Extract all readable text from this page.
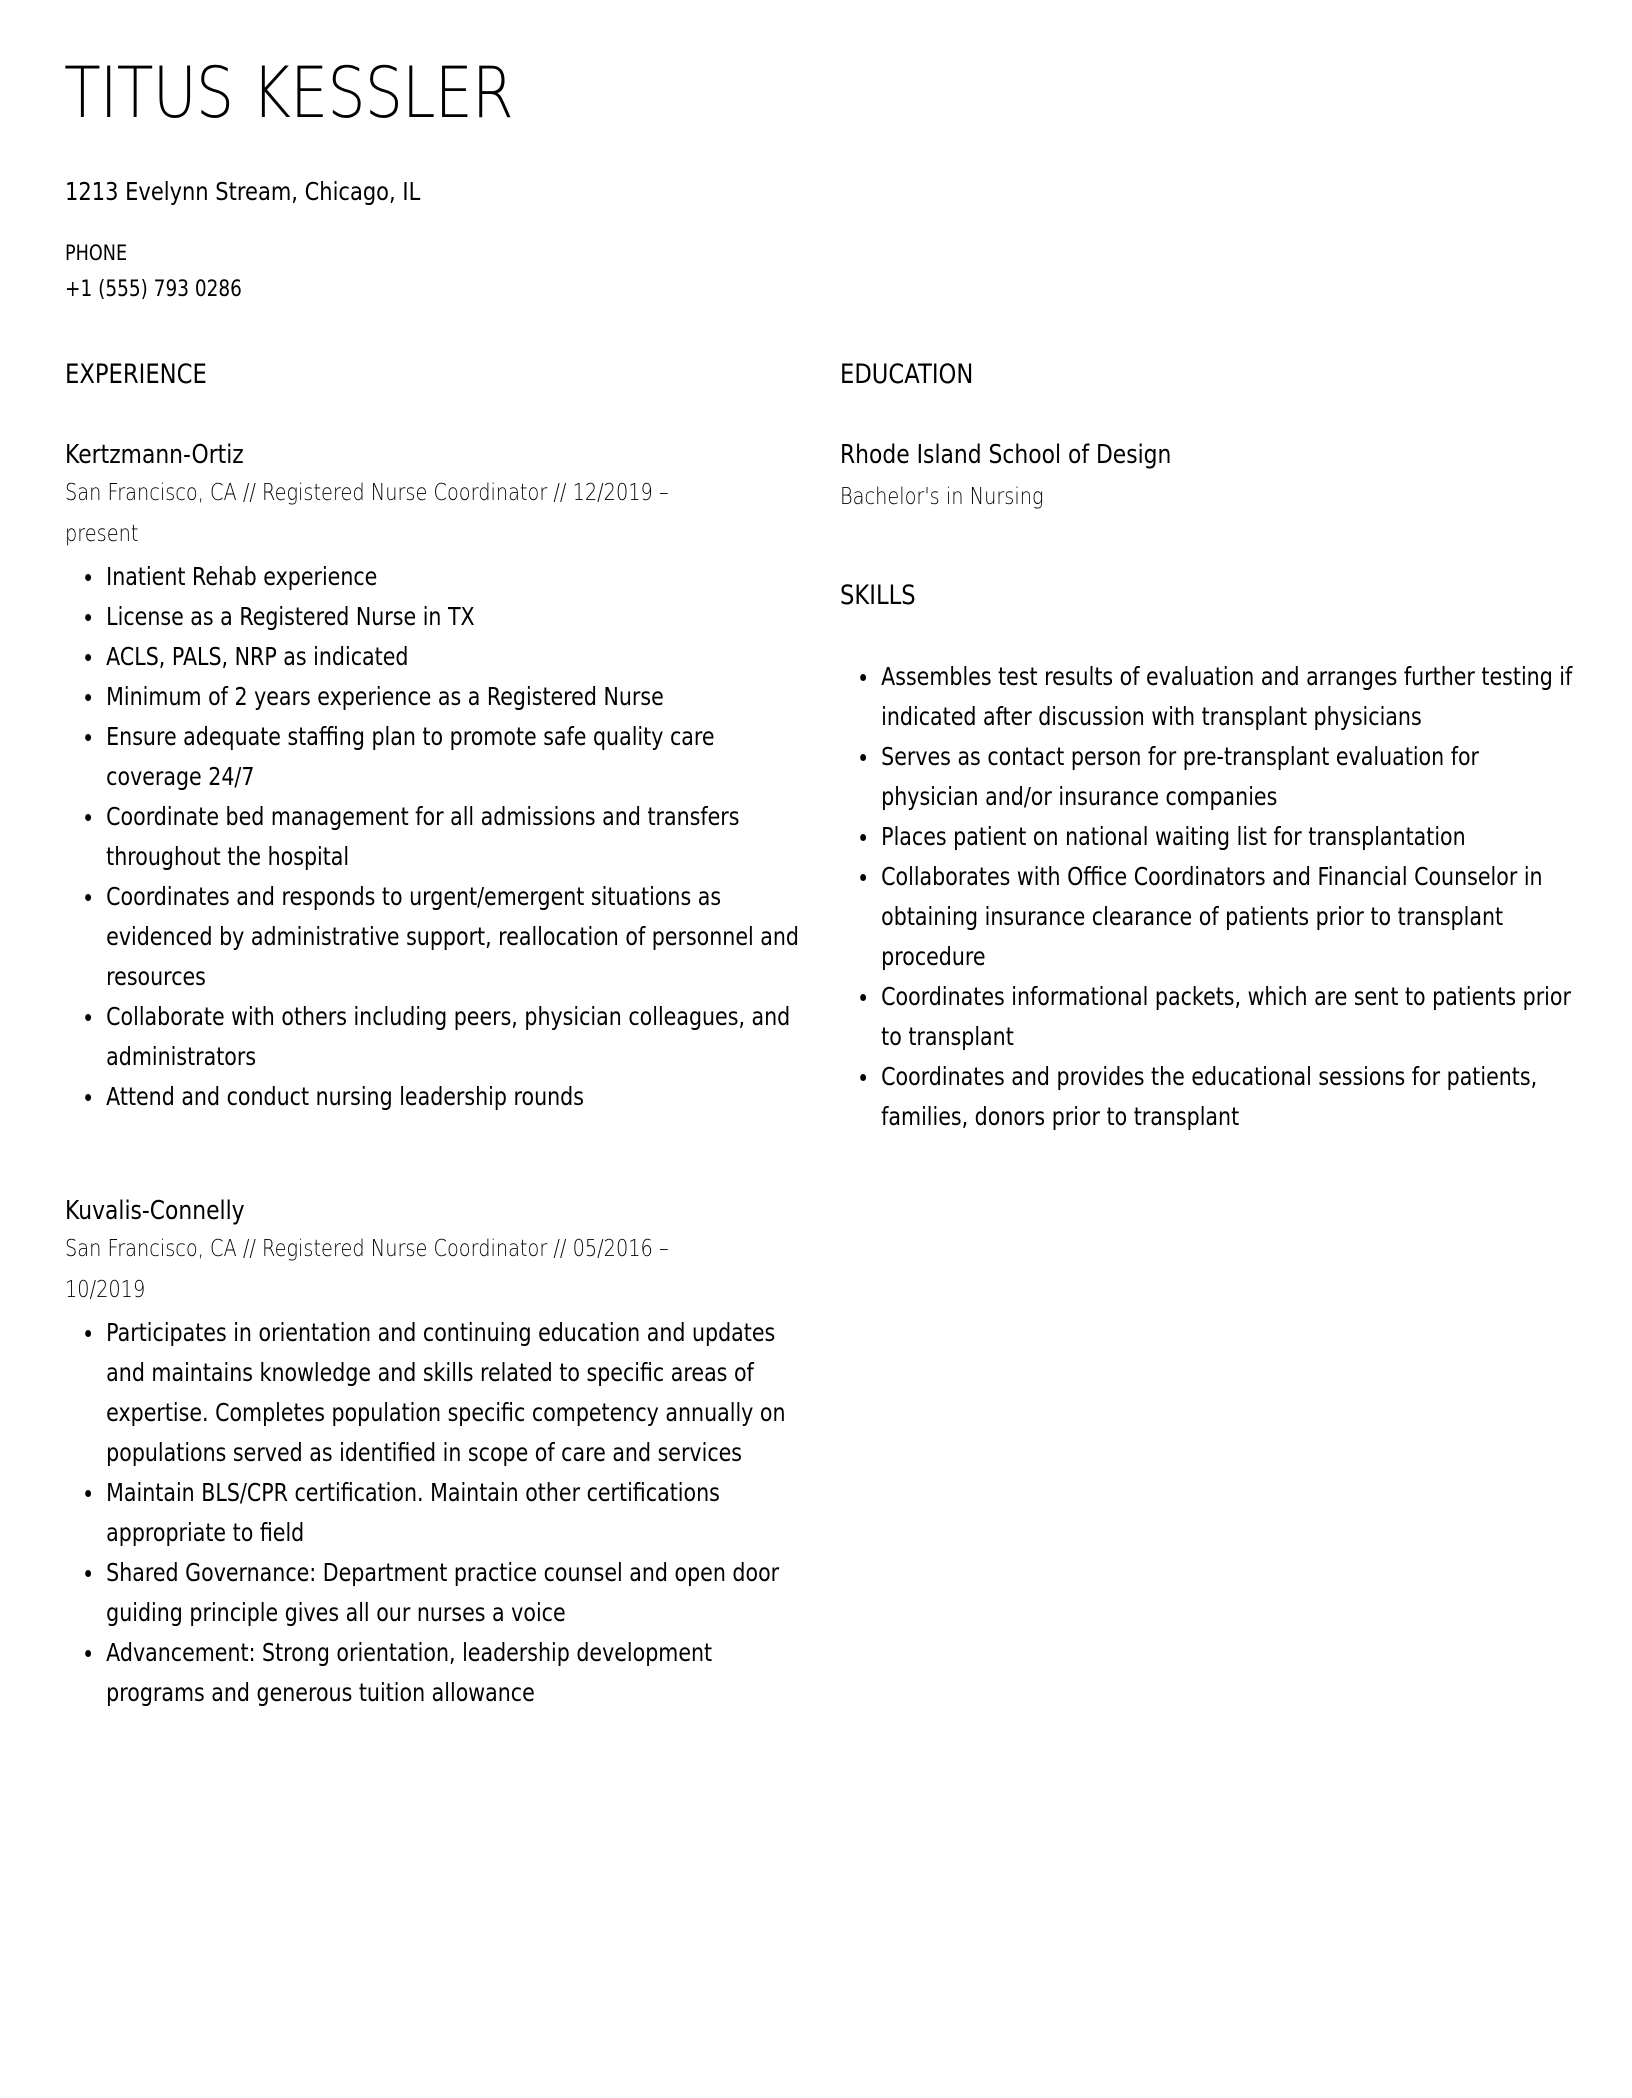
TITUS KESSLER
1213 Evelynn Stream, Chicago, IL
PHONE
+1 (555) 793 0286
EXPERIENCE
Kertzmann-Ortiz
San Francisco, CA // Registered Nurse Coordinator // 12/2019 –
present
Inatient Rehab experience
License as a Registered Nurse in TX
ACLS, PALS, NRP as indicated
Minimum of 2 years experience as a Registered Nurse
Ensure adequate staffing plan to promote safe quality care coverage 24/7
Coordinate bed management for all admissions and transfers throughout the hospital
Coordinates and responds to urgent/emergent situations as evidenced by administrative support, reallocation of personnel and resources
Collaborate with others including peers, physician colleagues, and administrators
Attend and conduct nursing leadership rounds
Kuvalis-Connelly
San Francisco, CA // Registered Nurse Coordinator // 05/2016 –
10/2019
Participates in orientation and continuing education and updates and maintains knowledge and skills related to specific areas of expertise. Completes population specific competency annually on populations served as identified in scope of care and services
Maintain BLS/CPR certification. Maintain other certifications appropriate to field
Shared Governance: Department practice counsel and open door guiding principle gives all our nurses a voice
Advancement: Strong orientation, leadership development programs and generous tuition allowance
EDUCATION
Rhode Island School of Design
Bachelor's in Nursing
SKILLS
Assembles test results of evaluation and arranges further testing if indicated after discussion with transplant physicians
Serves as contact person for pre-transplant evaluation for physician and/or insurance companies
Places patient on national waiting list for transplantation
Collaborates with Office Coordinators and Financial Counselor in obtaining insurance clearance of patients prior to transplant procedure
Coordinates informational packets, which are sent to patients prior to transplant
Coordinates and provides the educational sessions for patients, families, donors prior to transplant
